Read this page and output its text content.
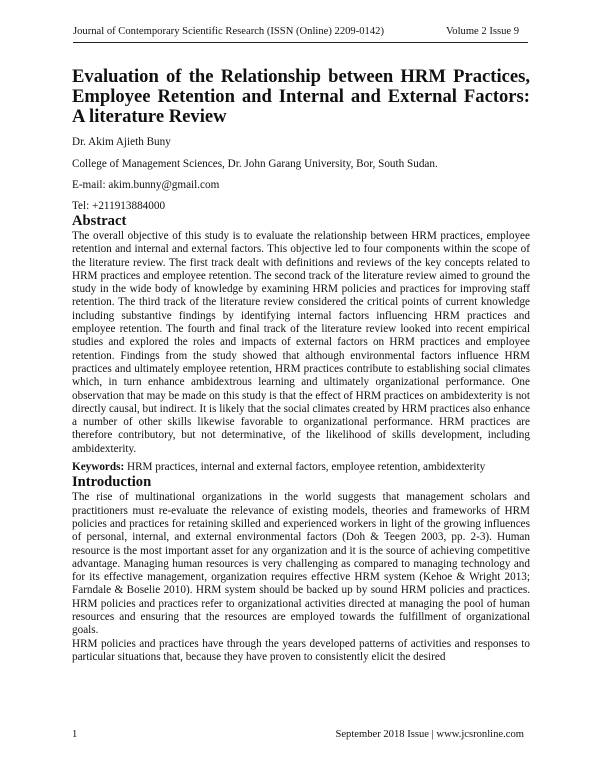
Journal of Contemporary Scientific Research (ISSN (Online) 2209-0142)	Volume 2 Issue 9
Evaluation of the Relationship between HRM Practices, Employee Retention and Internal and External Factors: A literature Review

Dr. Akim Ajieth Buny

College of Management Sciences, Dr. John Garang University, Bor, South Sudan.

E-mail: akim.bunny@gmail.com

Tel: +211913884000

Abstract

The overall objective of this study is to evaluate the relationship between HRM practices, employee retention and internal and external factors. This objective led to four components within the scope of the literature review. The first track dealt with definitions and reviews of the key concepts related to HRM practices and employee retention. The second track of the literature review aimed to ground the study in the wide body of knowledge by examining HRM policies and practices for improving staff retention. The third track of the literature review considered the critical points of current knowledge including substantive findings by identifying internal factors influencing HRM practices and employee retention. The fourth and final track of the literature review looked into recent empirical studies and explored the roles and impacts of external factors on HRM practices and employee retention. Findings from the study showed that although environmental factors influence HRM practices and ultimately employee retention, HRM practices contribute to establishing social climates which, in turn enhance ambidextrous learning and ultimately organizational performance. One observation that may be made on this study is that the effect of HRM practices on ambidexterity is not directly causal, but indirect. It is likely that the social climates created by HRM practices also enhance a number of other skills likewise favorable to organizational performance. HRM practices are therefore contributory, but not determinative, of the likelihood of skills development, including ambidexterity.

Keywords: HRM practices, internal and external factors, employee retention, ambidexterity

Introduction

The rise of multinational organizations in the world suggests that management scholars and practitioners must re-evaluate the relevance of existing models, theories and frameworks of HRM policies and practices for retaining skilled and experienced workers in light of the growing influences of personal, internal, and external environmental factors (Doh & Teegen 2003, pp. 2-3). Human resource is the most important asset for any organization and it is the source of achieving competitive advantage. Managing human resources is very challenging as compared to managing technology and for its effective management, organization requires effective HRM system (Kehoe & Wright 2013; Farndale & Boselie 2010). HRM system should be backed up by sound HRM policies and practices. HRM policies and practices refer to organizational activities directed at managing the pool of human resources and ensuring that the resources are employed towards the fulfillment of organizational goals.

HRM policies and practices have through the years developed patterns of activities and responses to particular situations that, because they have proven to consistently elicit the desired

1	September 2018 Issue | www.jcsronline.com
